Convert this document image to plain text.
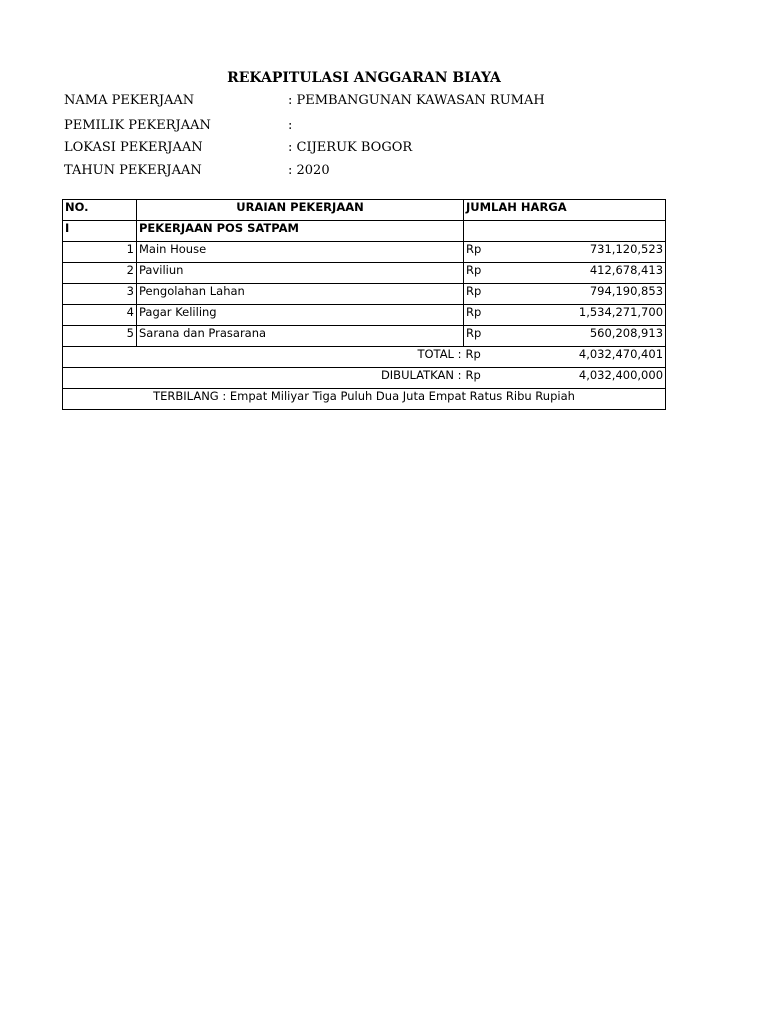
REKAPITULASI ANGGARAN BIAYA
NAMA PEKERJAAN	: PEMBANGUNAN KAWASAN RUMAH
PEMILIK PEKERJAAN	:
LOKASI PEKERJAAN	: CIJERUK BOGOR
TAHUN PEKERJAAN	: 2020
NO.	URAIAN PEKERJAAN	JUMLAH HARGA	
I	PEKERJAAN POS SATPAM		
1	Main House	Rp	731,120,523
2	Paviliun	Rp	412,678,413
3	Pengolahan Lahan	Rp	794,190,853
4	Pagar Keliling	Rp	1,534,271,700
5	Sarana dan Prasarana	Rp	560,208,913
TOTAL :		Rp	4,032,470,401
DIBULATKAN :		Rp	4,032,400,000
TERBILANG : Empat Miliyar Tiga Puluh Dua Juta Empat Ratus Ribu Rupiah			
